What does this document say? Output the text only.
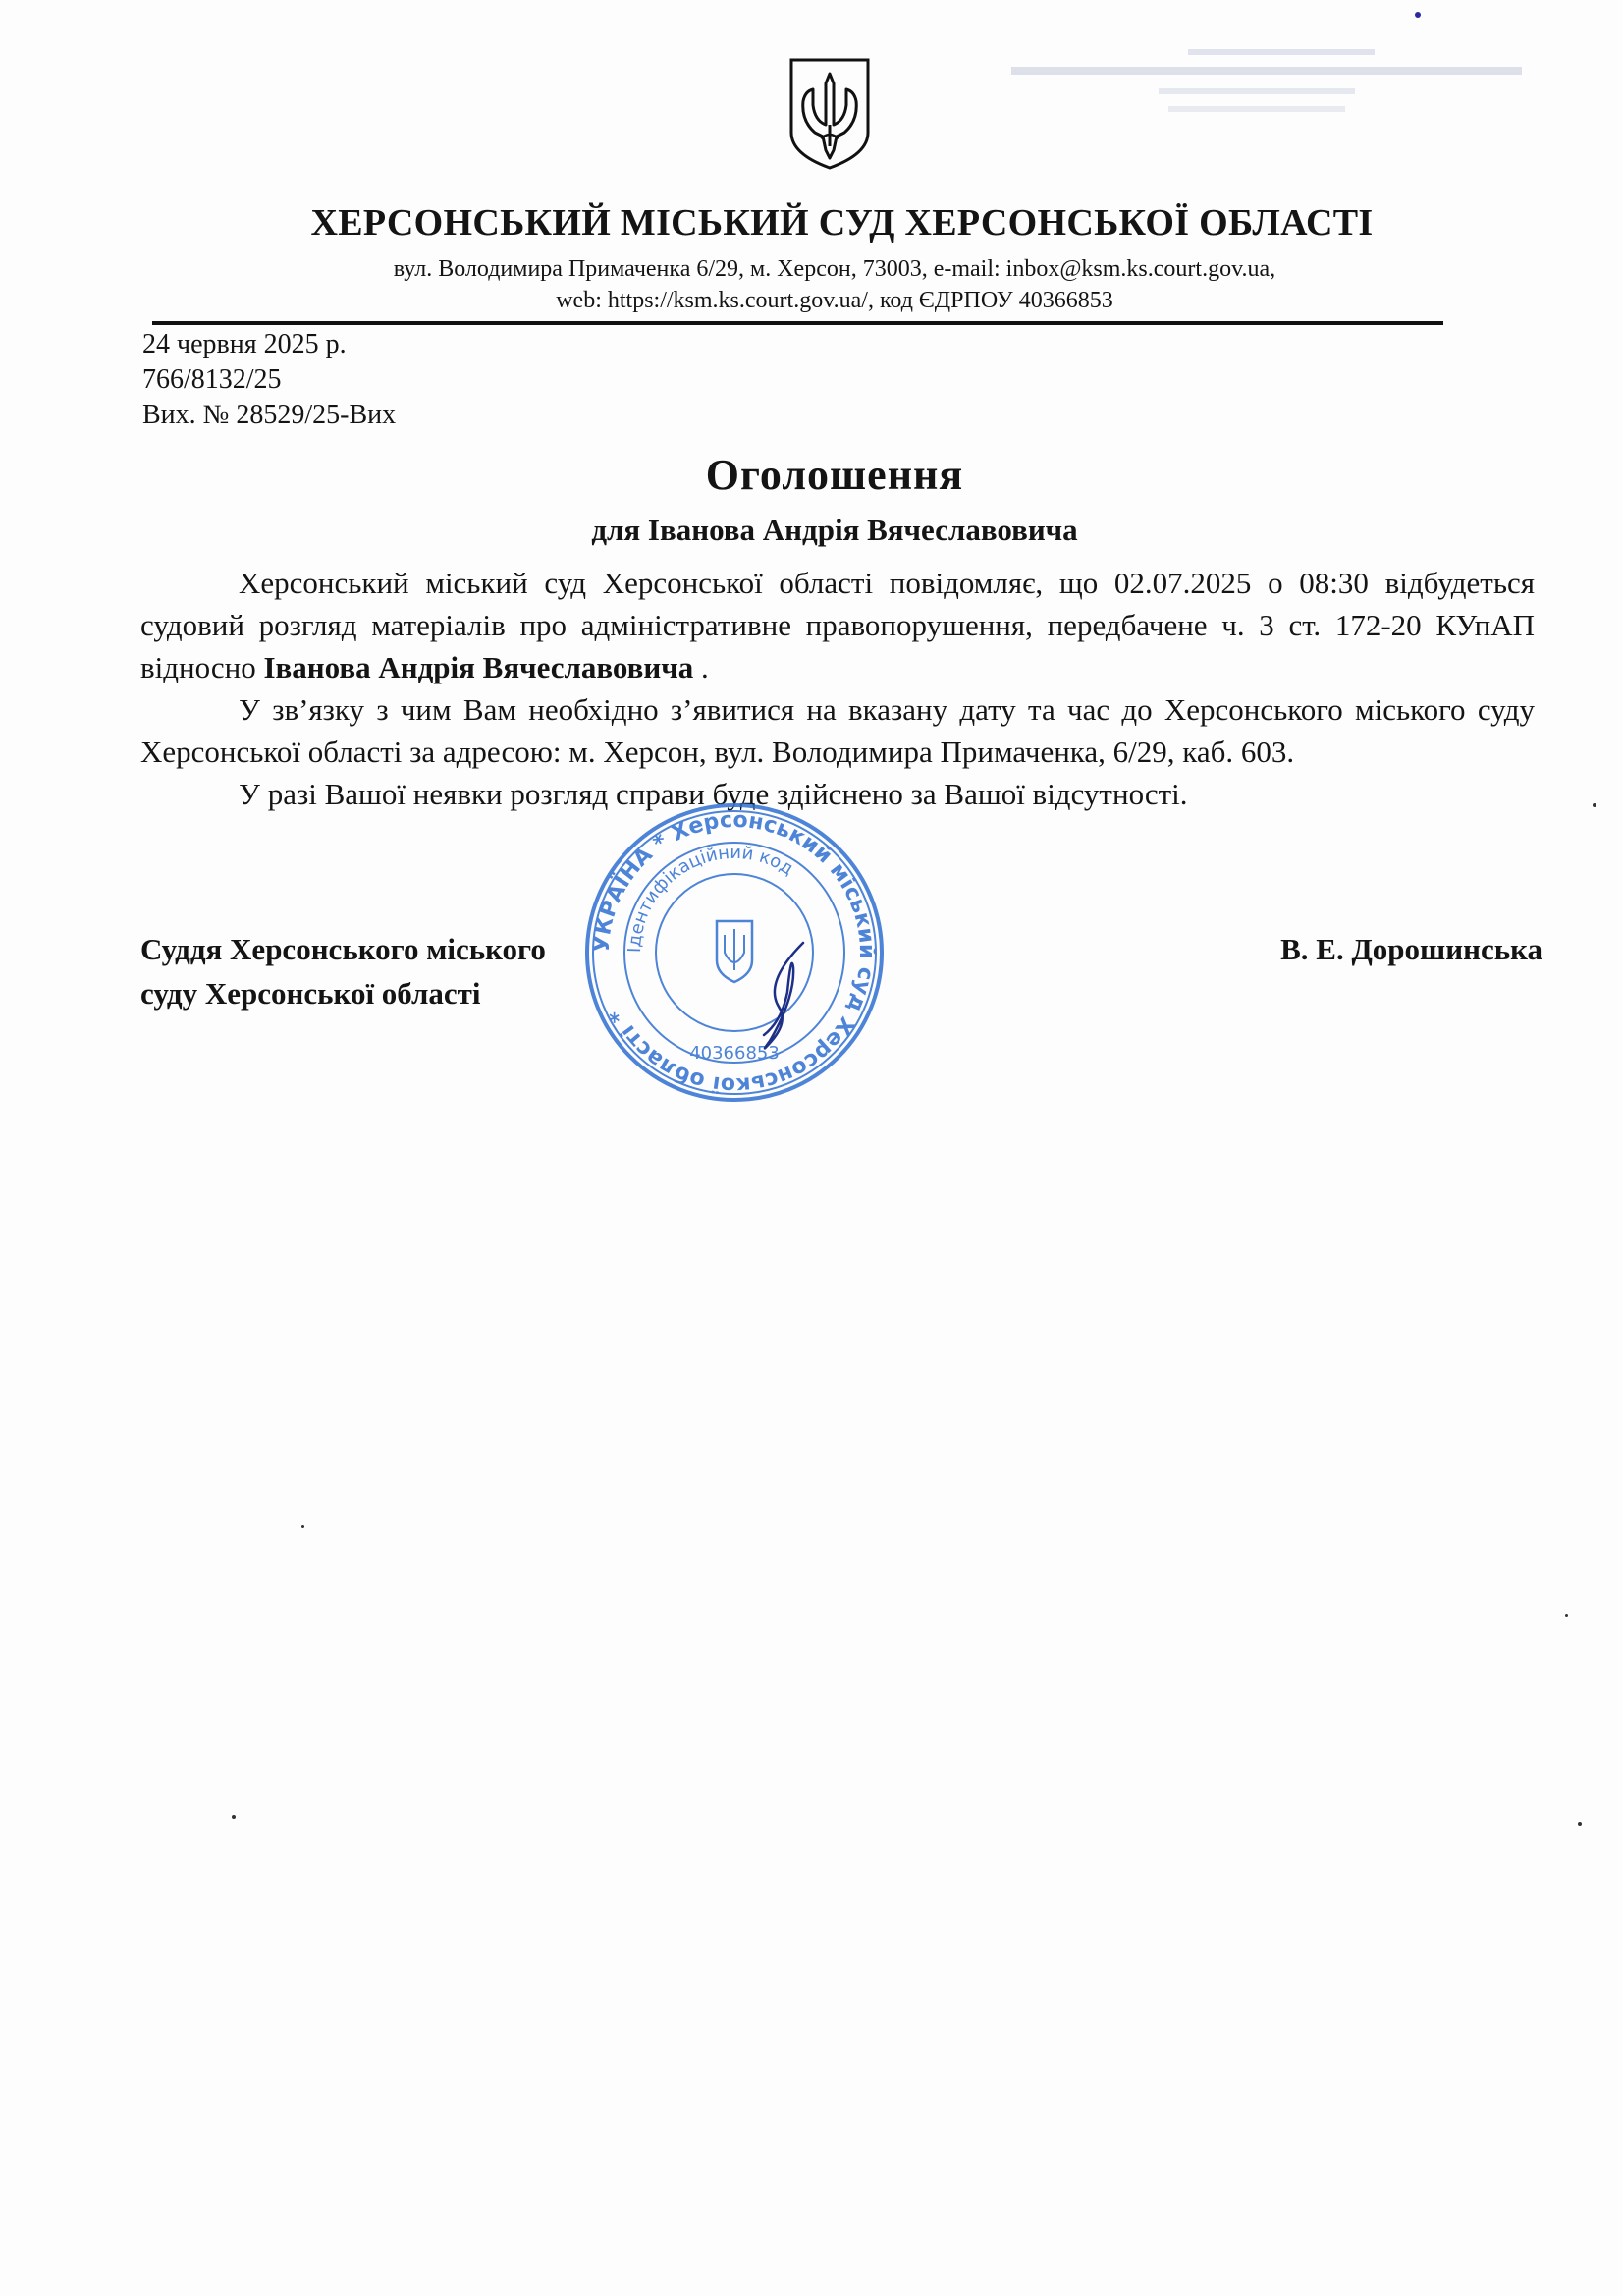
ХЕРСОНСЬКИЙ МІСЬКИЙ СУД ХЕРСОНСЬКОЇ ОБЛАСТІ
вул. Володимира Примаченка 6/29, м. Херсон, 73003, e-mail: inbox@ksm.ks.court.gov.ua,
web: https://ksm.ks.court.gov.ua/, код ЄДРПОУ 40366853
24 червня 2025 р.
766/8132/25
Вих. № 28529/25-Вих
Оголошення
для Іванова Андрія Вячеславовича

Херсонський міський суд Херсонської області повідомляє, що 02.07.2025 о 08:30 відбудеться судовий розгляд матеріалів про адміністративне правопорушення, передбачене ч. 3 ст. 172-20 КУпАП відносно Іванова Андрія Вячеславовича .

У зв’язку з чим Вам необхідно з’явитися на вказану дату та час до Херсонського міського суду Херсонської області за адресою: м. Херсон, вул. Володимира Примаченка, 6/29, каб. 603.

У разі Вашої неявки розгляд справи буде здійснено за Вашої відсутності.

Суддя Херсонського міського
суду Херсонської області
В. Е. Дорошинська
УКРАЇНА * Херсонський міський суд Херсонської області *
Ідентифікаційний код
40366853
